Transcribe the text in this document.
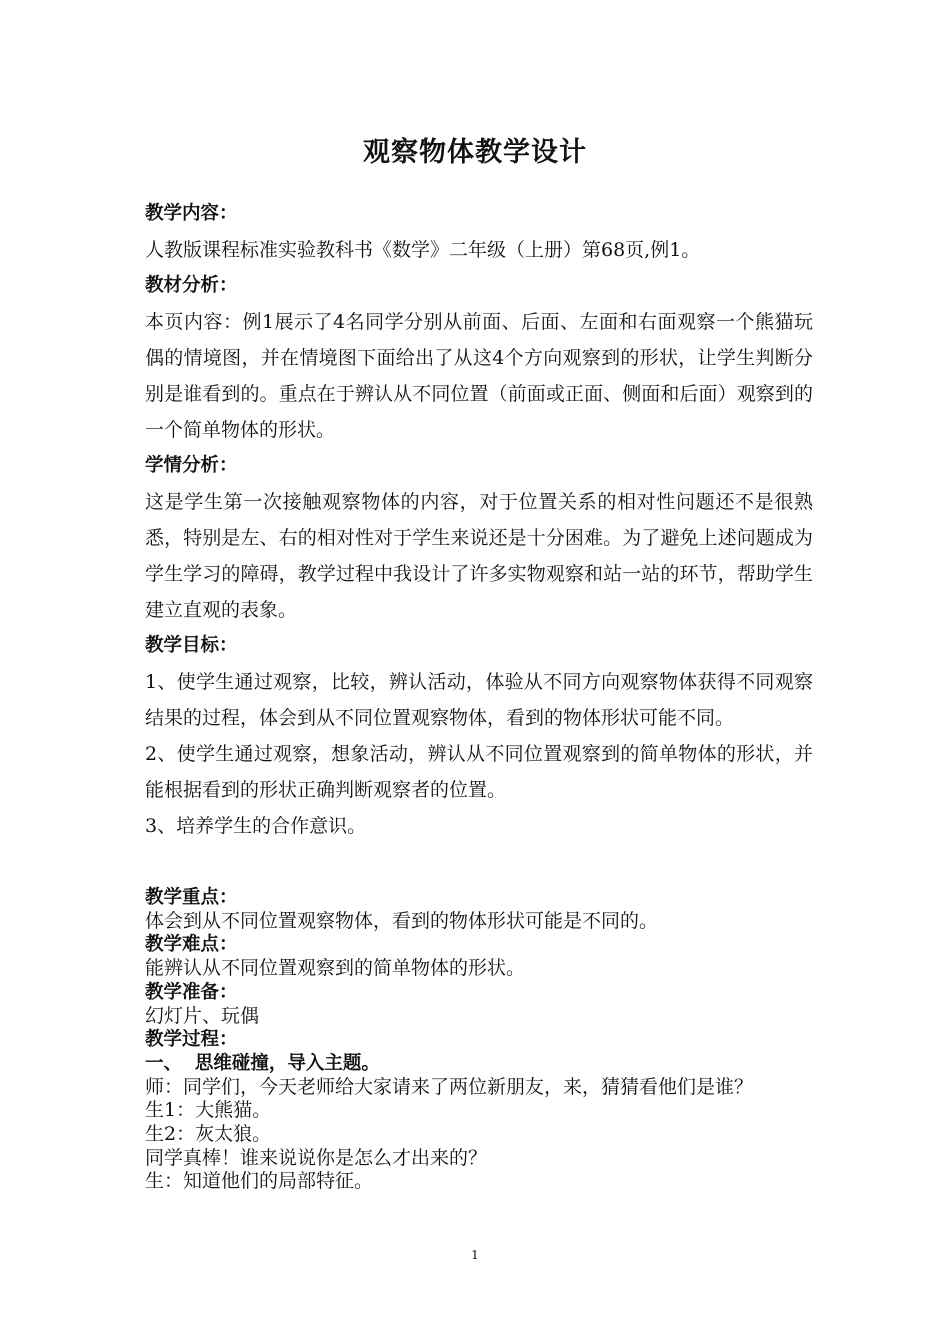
观察物体教学设计
教学内容：

人教版课程标准实验教科书《数学》二年级（上册）第68页,例1。

教材分析：

本页内容：例1展示了4名同学分别从前面、后面、左面和右面观察一个熊猫玩偶的情境图，并在情境图下面给出了从这4个方向观察到的形状，让学生判断分别是谁看到的。重点在于辨认从不同位置（前面或正面、侧面和后面）观察到的一个简单物体的形状。

学情分析：

这是学生第一次接触观察物体的内容，对于位置关系的相对性问题还不是很熟悉，特别是左、右的相对性对于学生来说还是十分困难。为了避免上述问题成为学生学习的障碍，教学过程中我设计了许多实物观察和站一站的环节，帮助学生建立直观的表象。

教学目标：

1、使学生通过观察，比较，辨认活动，体验从不同方向观察物体获得不同观察结果的过程，体会到从不同位置观察物体，看到的物体形状可能不同。

2、使学生通过观察，想象活动，辨认从不同位置观察到的简单物体的形状，并能根据看到的形状正确判断观察者的位置。

3、培养学生的合作意识。

教学重点：
体会到从不同位置观察物体，看到的物体形状可能是不同的。
教学难点：
能辨认从不同位置观察到的简单物体的形状。
教学准备：
幻灯片、玩偶
教学过程：
一、  思维碰撞，导入主题。
师：同学们，今天老师给大家请来了两位新朋友，来，猜猜看他们是谁？
生1：大熊猫。
生2：灰太狼。
同学真棒！谁来说说你是怎么才出来的？
生：知道他们的局部特征。
1
